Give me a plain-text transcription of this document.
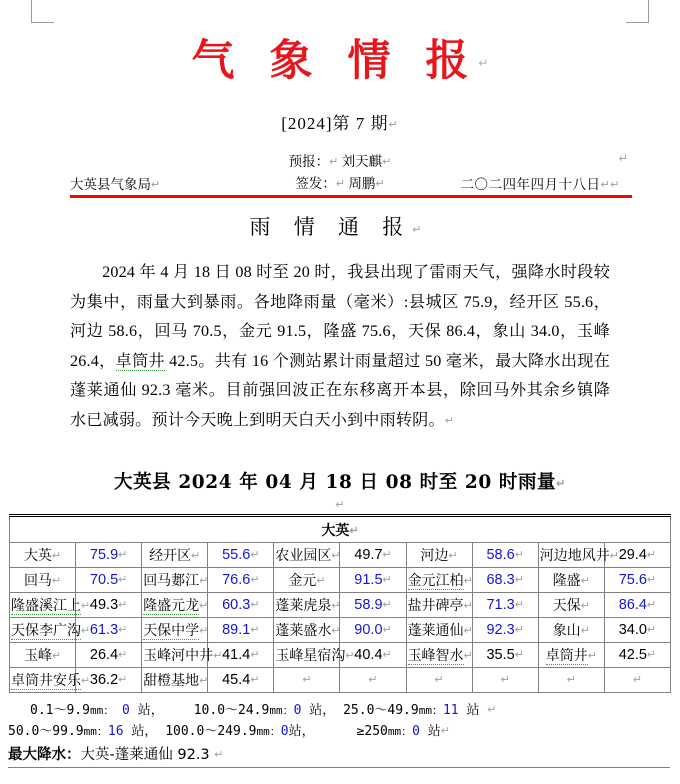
气 象 情 报↵
[2024]第 7 期↵
预报：↵ 刘天麒↵
签发：↵ 周鹏↵
↵
大英县气象局↵	二〇二四年四月十八日↵↵
雨 情 通 报↵
2024 年 4 月 18 日 08 时至 20 时，我县出现了雷雨天气，强降水时段较为集中，雨量大到暴雨。各地降雨量（毫米）:县城区 75.9，经开区 55.6，河边 58.6，回马 70.5，金元 91.5，隆盛 75.6，天保 86.4，象山 34.0，玉峰 26.4，卓筒井 42.5。共有 16 个测站累计雨量超过 50 毫米，最大降水出现在蓬莱通仙 92.3 毫米。目前强回波正在东移离开本县，除回马外其余乡镇降水已减弱。预计今天晚上到明天白天小到中雨转阴。↵
大英县 2024 年 04 月 18 日 08 时至 20 时雨量↵
↵
大英↵									
大英↵	75.9↵	经开区↵	55.6↵	农业园区↵	49.7↵	河边↵	58.6↵	河边地风井↵	29.4↵
回马↵	70.5↵	回马郪江↵	76.6↵	金元↵	91.5↵	金元江柏↵	68.3↵	隆盛↵	75.6↵
隆盛溪江上↵	49.3↵	隆盛元龙↵	60.3↵	蓬莱虎泉↵	58.9↵	盐井碑亭↵	71.3↵	天保↵	86.4↵
天保李广沟↵	61.3↵	天保中学↵	89.1↵	蓬莱盛水↵	90.0↵	蓬莱通仙↵	92.3↵	象山↵	34.0↵
玉峰↵	26.4↵	玉峰河中井↵	41.4↵	玉峰星宿沟↵	40.4↵	玉峰智水↵	35.5↵	卓筒井↵	42.5↵
卓筒井安乐↵	36.2↵	甜橙基地↵	45.4↵	↵	↵	↵	↵	↵	↵
0.1～9.9mm： 0 站， 10.0～24.9mm：0 站， 25.0～49.9mm：11 站 ↵
50.0～99.9mm：16 站， 100.0～249.9mm：0站，	≥250mm：0 站↵
最大降水：大英-蓬莱通仙 92.3 ↵
